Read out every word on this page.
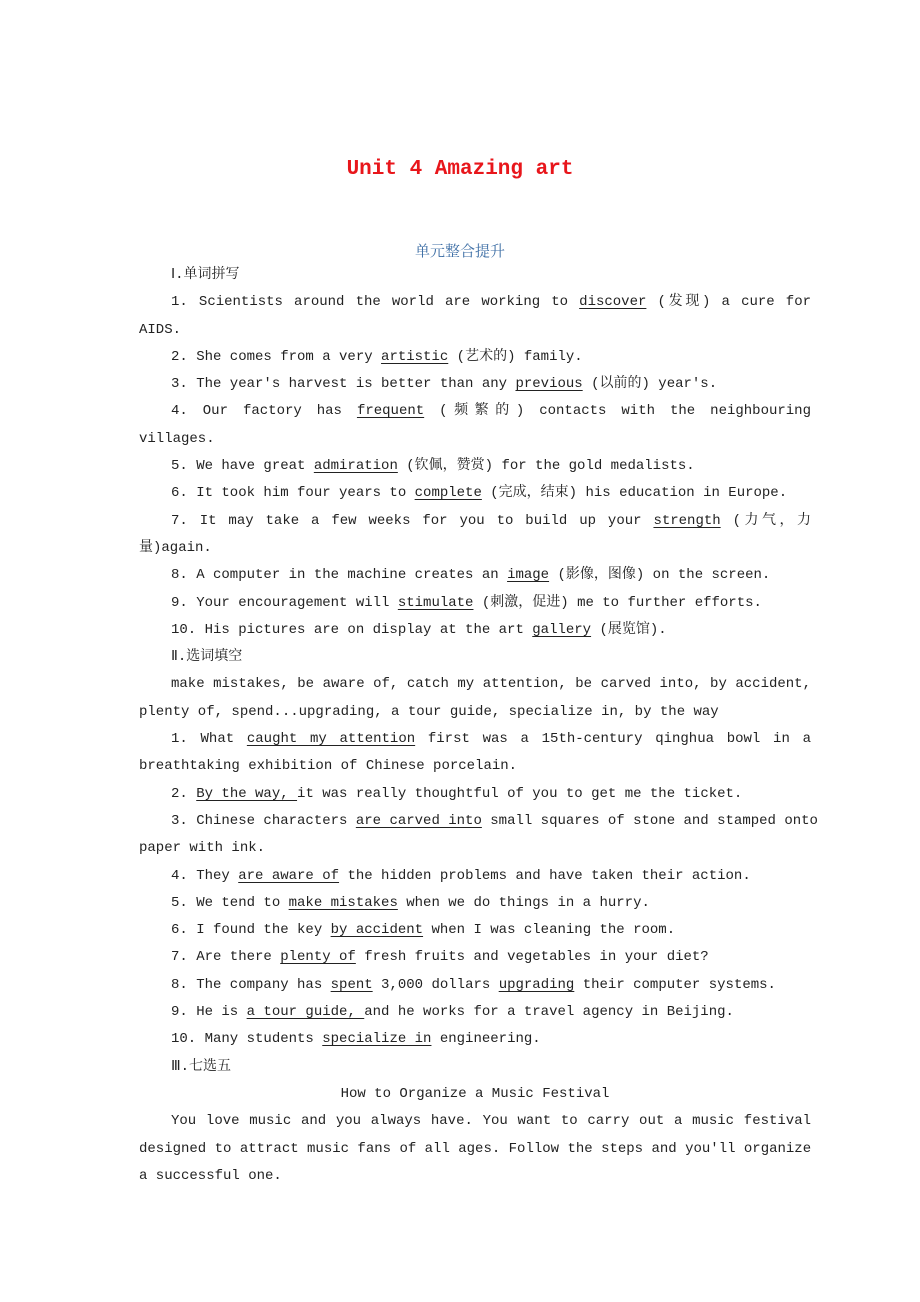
Unit 4 Amazing art
单元整合提升
Ⅰ.单词拼写
1. Scientists around the world are working to discover (发现) a cure for
AIDS.
2. She comes from a very artistic (艺术的) family.
3. The year's harvest is better than any previous (以前的) year's.
4. Our factory has frequent (频繁的) contacts with the neighbouring
villages.
5. We have great admiration (钦佩，赞赏) for the gold medalists.
6. It took him four years to complete (完成，结束) his education in Europe.
7. It may take a few weeks for you to build up your strength (力气，力
量)again.
8. A computer in the machine creates an image (影像，图像) on the screen.
9. Your encouragement will stimulate (刺激，促进) me to further efforts.
10. His pictures are on display at the art gallery (展览馆).
Ⅱ.选词填空
make mistakes, be aware of, catch my attention, be carved into, by accident,
plenty of, spend...upgrading, a tour guide, specialize in, by the way
1. What caught my attention first was a 15th-century qinghua bowl in a
breathtaking exhibition of Chinese porcelain.
2. By the way, it was really thoughtful of you to get me the ticket.
3. Chinese characters are carved into small squares of stone and stamped onto
paper with ink.
4. They are aware of the hidden problems and have taken their action.
5. We tend to make mistakes when we do things in a hurry.
6. I found the key by accident when I was cleaning the room.
7. Are there plenty of fresh fruits and vegetables in your diet?
8. The company has spent 3,000 dollars upgrading their computer systems.
9. He is a tour guide, and he works for a travel agency in Beijing.
10. Many students specialize in engineering.
Ⅲ.七选五
How to Organize a Music Festival
You love music and you always have. You want to carry out a music festival
designed to attract music fans of all ages. Follow the steps and you'll organize
a successful one.
